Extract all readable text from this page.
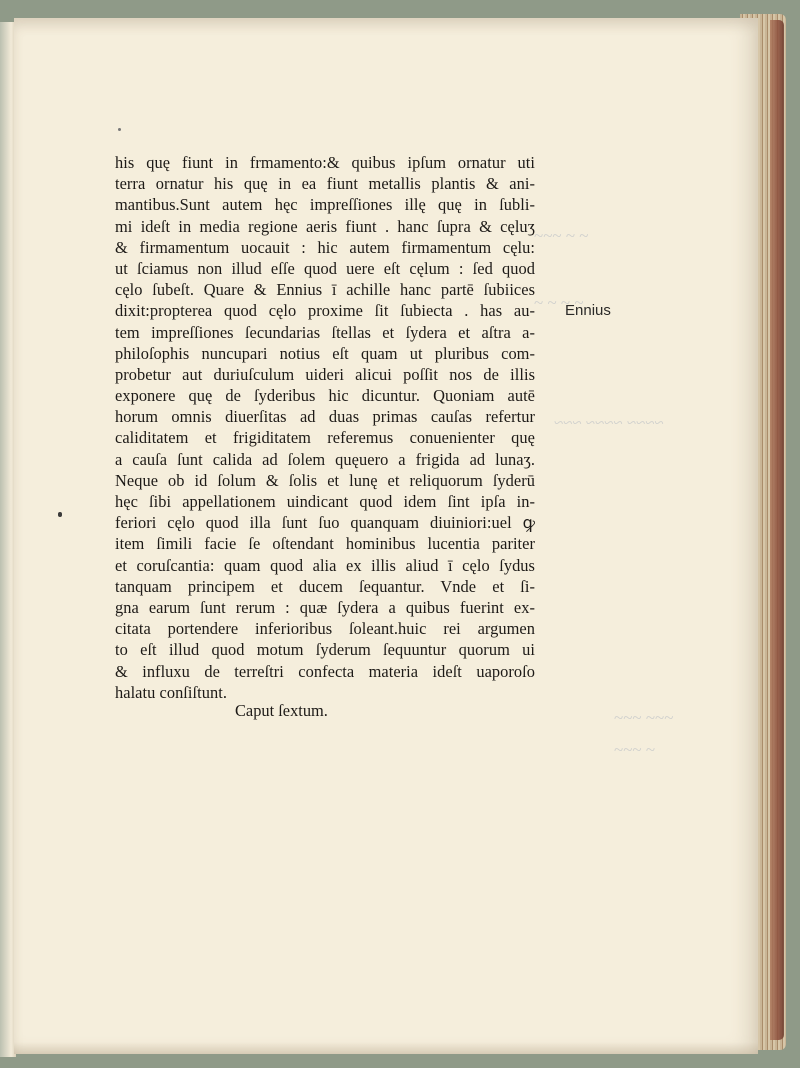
~~~ ~ ~
~ ~ ~ ~
~~~~ ~~~~ ~~~
~~~ ~~~
~~~ ~
his quę fiunt in frmamento:& quibus ipſum ornatur uti
terra ornatur his quę in ea fiunt metallis plantis & ani-
mantibus.Sunt autem hęc impreſſiones illę quę in ſubli-
mi ideſt in media regione aeris fiunt . hanc ſupra & cęluʒ
& firmamentum uocauit : hic autem firmamentum cęlu:
ut ſciamus non illud eſſe quod uere eſt cęlum : ſed quod
cęlo ſubeſt. Quare & Ennius ī achille hanc partē ſubiices
dixit:propterea quod cęlo proxime ſit ſubiecta . has au-
tem impreſſiones ſecundarias ſtellas et ſydera et aſtra a-
philoſophis nuncupari notius eſt quam ut pluribus com-
probetur aut duriuſculum uideri alicui poſſit nos de illis
exponere quę de ſyderibus hic dicuntur. Quoniam autē
horum omnis diuerſitas ad duas primas cauſas refertur
caliditatem et frigiditatem referemus conuenienter quę
a cauſa ſunt calida ad ſolem quęuero a frigida ad lunaʒ.
Neque ob id ſolum & ſolis et lunę et reliquorum ſyderū
hęc ſibi appellationem uindicant quod idem ſint ipſa in-
feriori cęlo quod illa ſunt ſuo quanquam diuiniori:uel ꝙ
item ſimili facie ſe oſtendant hominibus lucentia pariter
et coruſcantia: quam quod alia ex illis aliud ī cęlo ſydus
tanquam principem et ducem ſequantur. Vnde et ſi-
gna earum ſunt rerum : quæ ſydera a quibus fuerint ex-
citata portendere inferioribus ſoleant.huic rei argumen
to eſt illud quod motum ſyderum ſequuntur quorum ui
& influxu de terreſtri confecta materia ideſt uaporoſo
halatu conſiſtunt.
Caput ſextum.
Ennius
